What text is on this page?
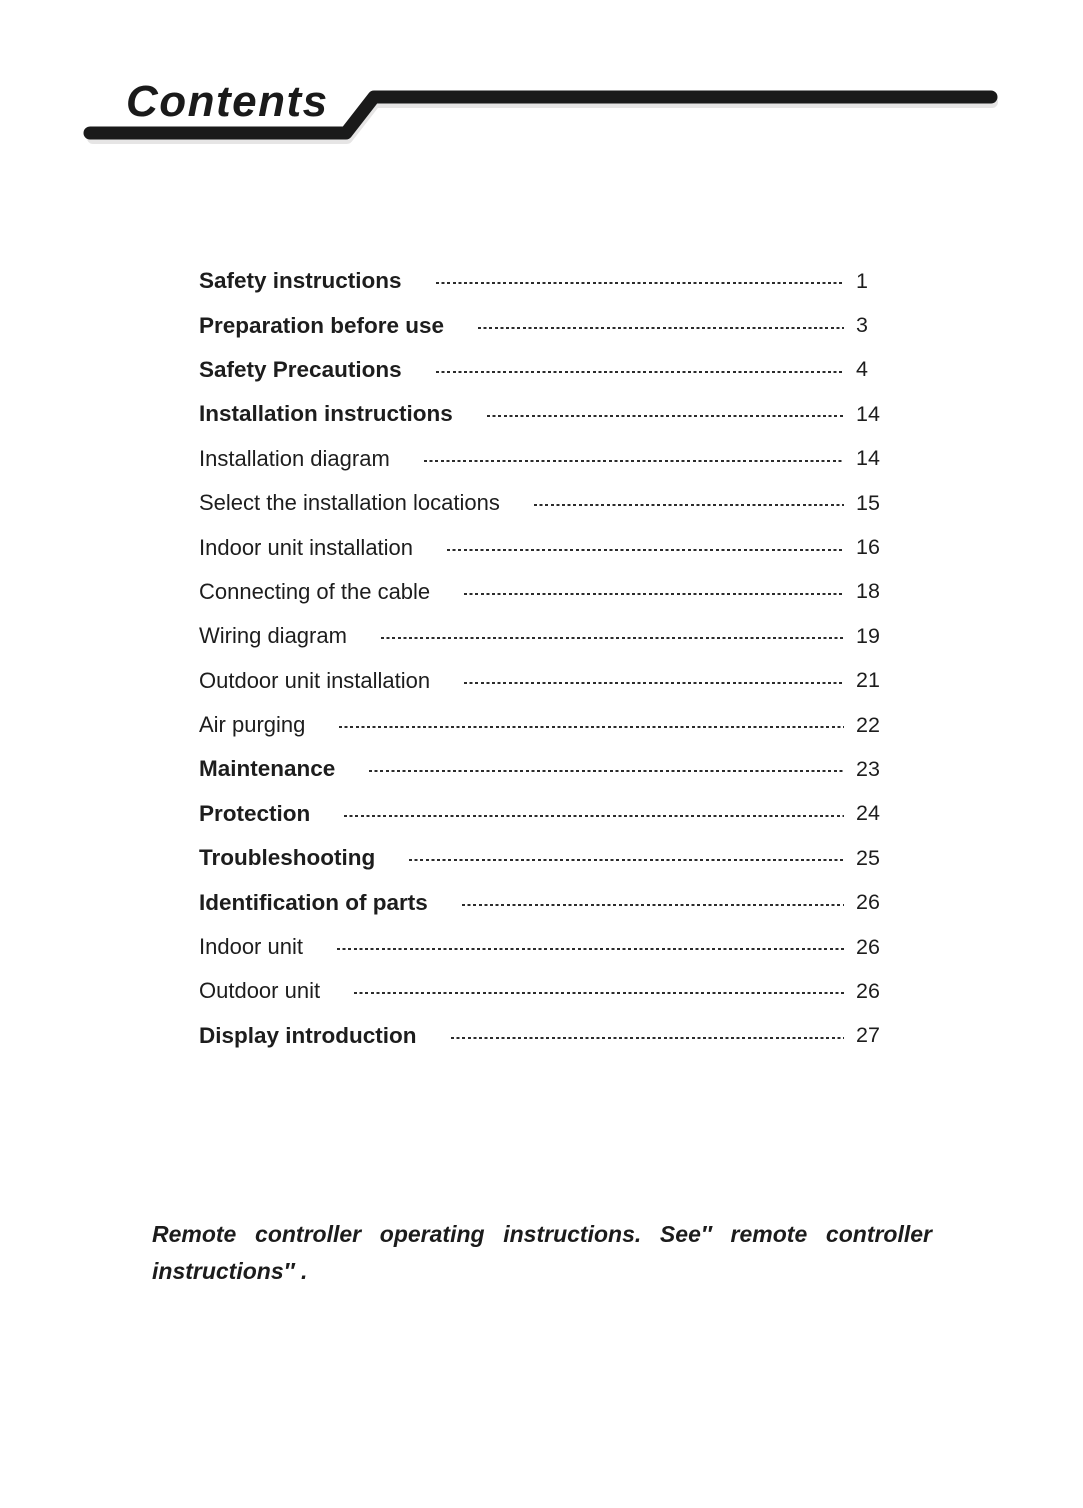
Contents
Safety instructions	1
Preparation before use	3
Safety Precautions	4
Installation instructions	14
Installation diagram	14
Select the installation locations	15
Indoor unit installation	16
Connecting of the cable	18
Wiring diagram	19
Outdoor unit installation	21
Air purging	22
Maintenance	23
Protection	24
Troubleshooting	25
Identification of parts	26
Indoor unit	26
Outdoor unit	26
Display introduction	27

Remote controller operating instructions. See″ remote controller
instructions″ .
